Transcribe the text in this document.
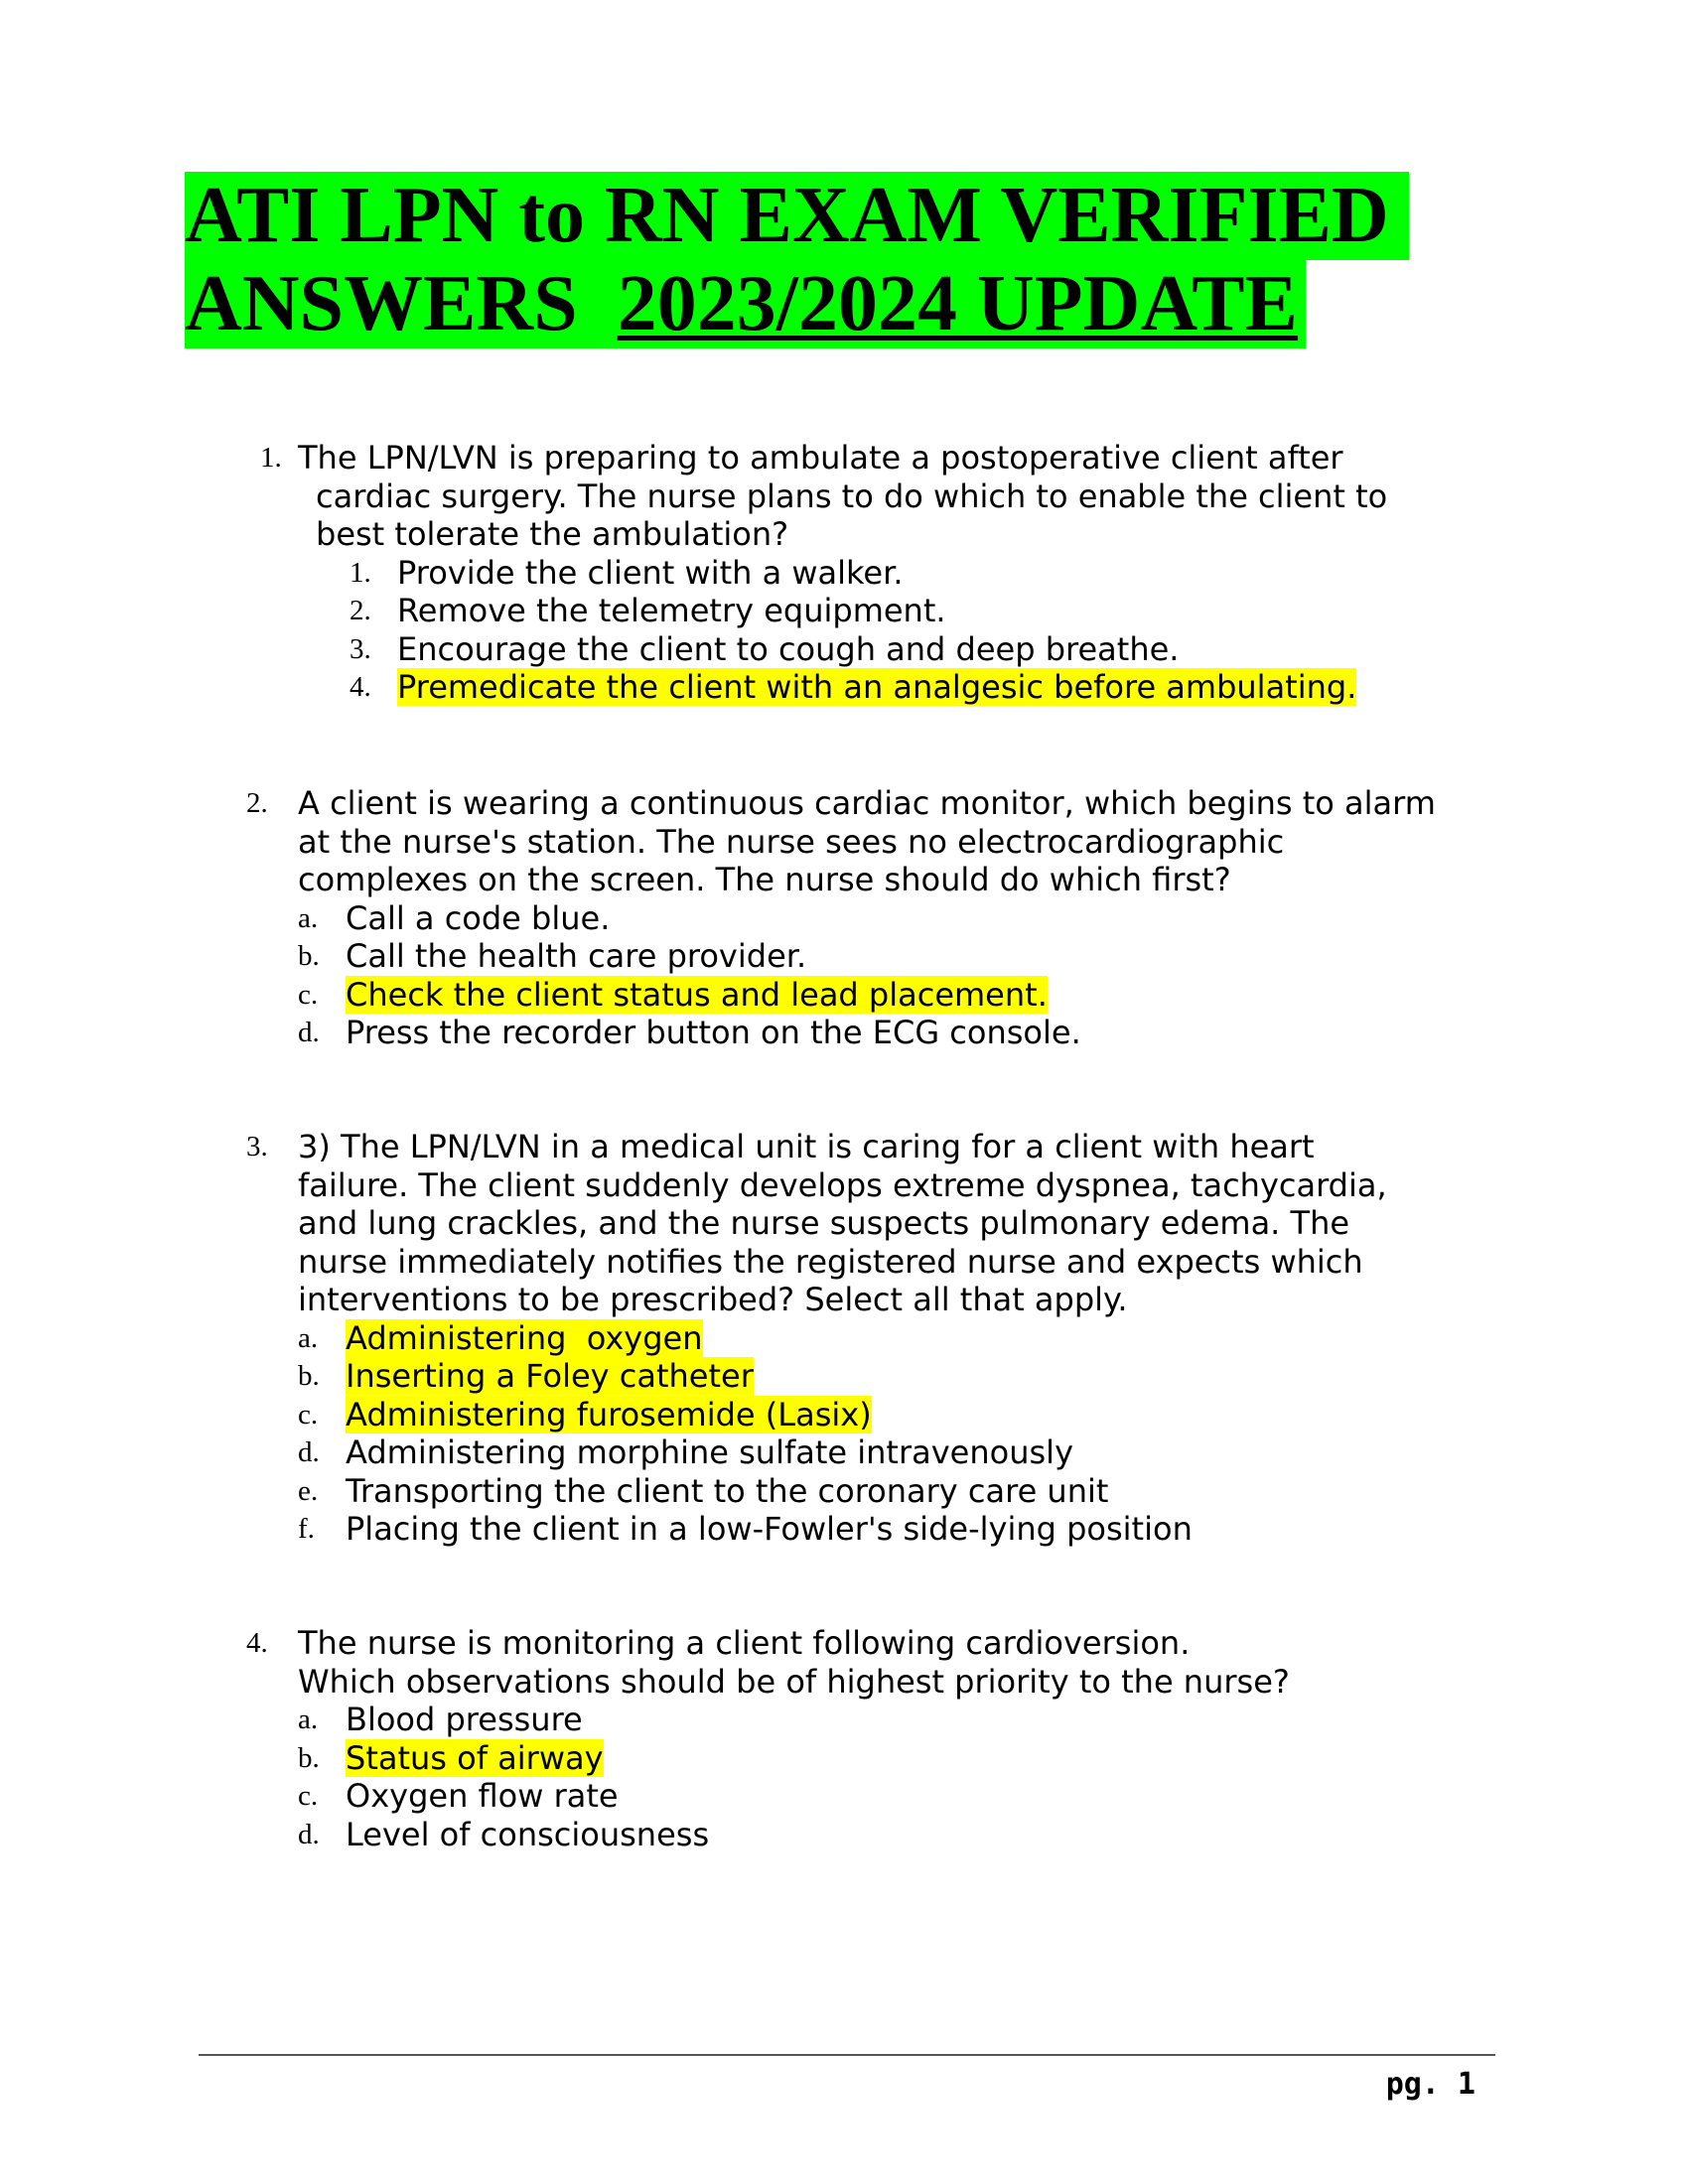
ATI LPN to RN EXAM VERIFIED
ANSWERS  2023/2024 UPDATE
1. The LPN/LVN is preparing to ambulate a postoperative client after
cardiac surgery. The nurse plans to do which to enable the client to
best tolerate the ambulation?
1. Provide the client with a walker.
2. Remove the telemetry equipment.
3. Encourage the client to cough and deep breathe.
4. Premedicate the client with an analgesic before ambulating.
2. A client is wearing a continuous cardiac monitor, which begins to alarm
at the nurse's station. The nurse sees no electrocardiographic
complexes on the screen. The nurse should do which first?
a. Call a code blue.
b. Call the health care provider.
c. Check the client status and lead placement.
d. Press the recorder button on the ECG console.
3. 3) The LPN/LVN in a medical unit is caring for a client with heart
failure. The client suddenly develops extreme dyspnea, tachycardia,
and lung crackles, and the nurse suspects pulmonary edema. The
nurse immediately notifies the registered nurse and expects which
interventions to be prescribed? Select all that apply.
a. Administering  oxygen
b. Inserting a Foley catheter
c. Administering furosemide (Lasix)
d. Administering morphine sulfate intravenously
e. Transporting the client to the coronary care unit
f. Placing the client in a low-Fowler's side-lying position
4. The nurse is monitoring a client following cardioversion.
Which observations should be of highest priority to the nurse?
a. Blood pressure
b. Status of airway
c. Oxygen flow rate
d. Level of consciousness
pg. 1
